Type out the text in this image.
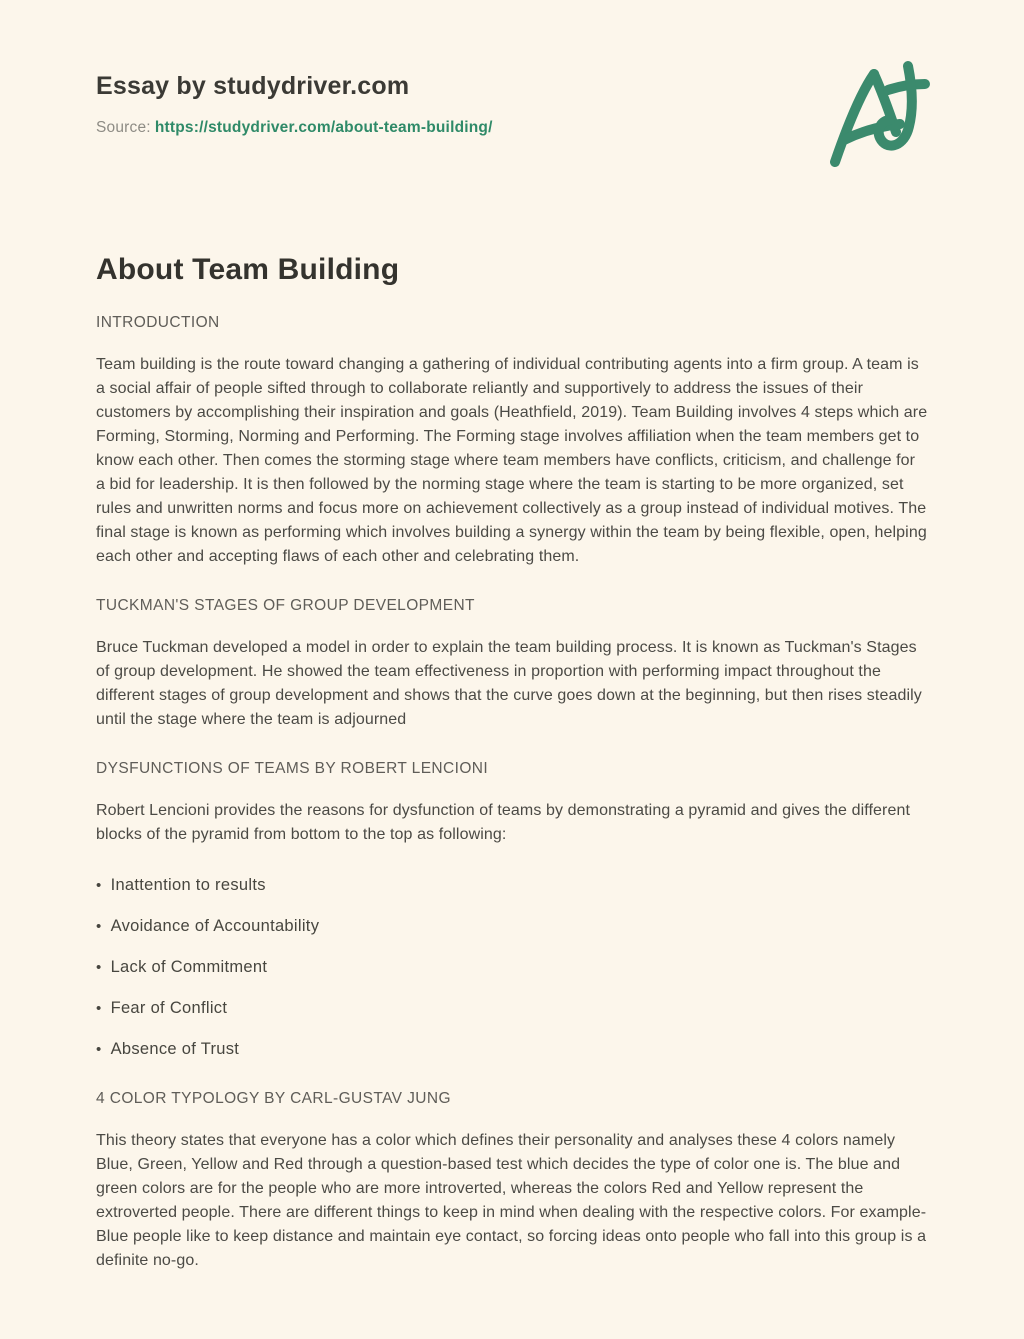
Essay by studydriver.com

Source: https://studydriver.com/about-team-building/

About Team Building
INTRODUCTION

Team building is the route toward changing a gathering of individual contributing agents into a firm group. A team is a social affair of people sifted through to collaborate reliantly and supportively to address the issues of their customers by accomplishing their inspiration and goals (Heathfield, 2019). Team Building involves 4 steps which are Forming, Storming, Norming and Performing. The Forming stage involves affiliation when the team members get to know each other. Then comes the storming stage where team members have conflicts, criticism, and challenge for a bid for leadership. It is then followed by the norming stage where the team is starting to be more organized, set rules and unwritten norms and focus more on achievement collectively as a group instead of individual motives. The final stage is known as performing which involves building a synergy within the team by being flexible, open, helping each other and accepting flaws of each other and celebrating them.

TUCKMAN'S STAGES OF GROUP DEVELOPMENT

Bruce Tuckman developed a model in order to explain the team building process. It is known as Tuckman's Stages of group development. He showed the team effectiveness in proportion with performing impact throughout the different stages of group development and shows that the curve goes down at the beginning, but then rises steadily until the stage where the team is adjourned

DYSFUNCTIONS OF TEAMS BY ROBERT LENCIONI

Robert Lencioni provides the reasons for dysfunction of teams by demonstrating a pyramid and gives the different blocks of the pyramid from bottom to the top as following:

• Inattention to results
• Avoidance of Accountability
• Lack of Commitment
• Fear of Conflict
• Absence of Trust
4 COLOR TYPOLOGY BY CARL-GUSTAV JUNG

This theory states that everyone has a color which defines their personality and analyses these 4 colors namely Blue, Green, Yellow and Red through a question-based test which decides the type of color one is. The blue and green colors are for the people who are more introverted, whereas the colors Red and Yellow represent the extroverted people. There are different things to keep in mind when dealing with the respective colors. For example- Blue people like to keep distance and maintain eye contact, so forcing ideas onto people who fall into this group is a definite no-go.
